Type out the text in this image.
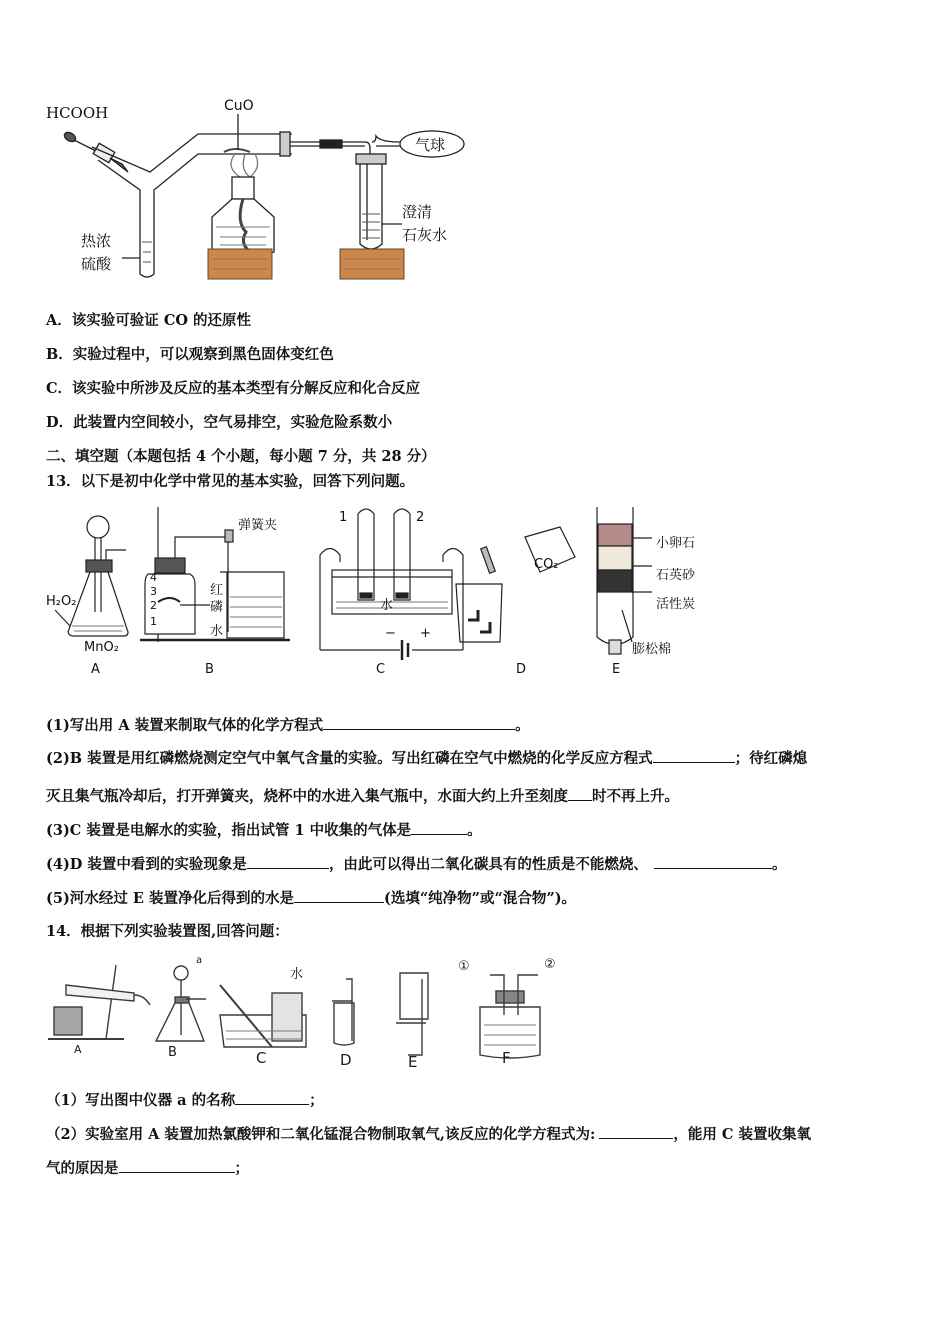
HCOOH	CuO
气球
热浓
硫酸
澄清
石灰水
A．该实验可验证 CO 的还原性
B．实验过程中，可以观察到黑色固体变红色
C．该实验中所涉及反应的基本类型有分解反应和化合反应
D．此装置内空间较小，空气易排空，实验危险系数小
二、填空题（本题包括 4 个小题，每小题 7 分，共 28 分）
13．以下是初中化学中常见的基本实验，回答下列问题。
H₂O₂
MnO₂
A
弹簧夹
4
3
2
1
红磷
水
B
1	2
水
− +
C
CO₂
D
小卵石
石英砂
活性炭
膨松棉
E
(1)写出用 A 装置来制取气体的化学方程式	。
(2)B 装置是用红磷燃烧测定空气中氧气含量的实验。写出红磷在空气中燃烧的化学反应方程式	；待红磷熄
灭且集气瓶冷却后，打开弹簧夹，烧杯中的水进入集气瓶中，水面大约上升至刻度 时不再上升。
(3)C 装置是电解水的实验，指出试管 1 中收集的气体是	。
(4)D 装置中看到的实验现象是	，由此可以得出二氧化碳具有的性质是不能燃烧、	。
(5)河水经过 E 装置净化后得到的水是	(选填“纯净物”或“混合物”)。
14．根据下列实验装置图,回答问题：
a
水
①	②
A	B	C	D	E	F
（1）写出图中仪器 a 的名称	；
（2）实验室用 A 装置加热氯酸钾和二氧化锰混合物制取氧气,该反应的化学方程式为:	，能用 C 装置收集氧
气的原因是	；
